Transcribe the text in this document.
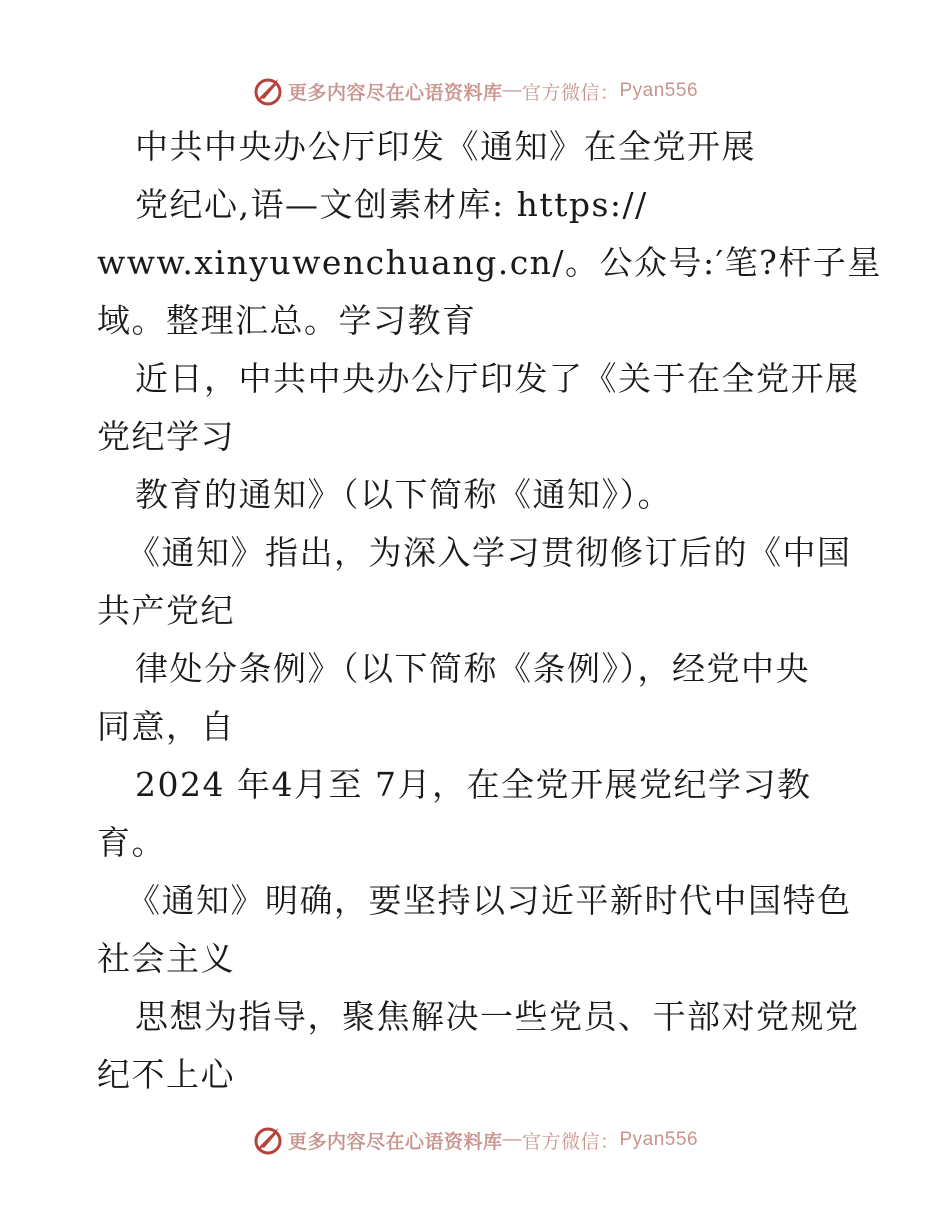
更多内容尽在心语资料库 — 官方微信： Pyan556
中共中央办公厅印发《通知》在全党开展
党纪心,语—文创素材库: https://
www.xinyuwenchuang.cn/。公众号:′笔?杆子星
域。整理汇总。学习教育
近日，中共中央办公厅印发了《关于在全党开展
党纪学习
教育的通知》（以下简称《通知》）。
《通知》指出，为深入学习贯彻修订后的《中国
共产党纪
律处分条例》（以下简称《条例》），经党中央
同意，自
2024 年4月至 7月，在全党开展党纪学习教
育。
《通知》明确，要坚持以习近平新时代中国特色
社会主义
思想为指导，聚焦解决一些党员、干部对党规党
纪不上心
更多内容尽在心语资料库 — 官方微信： Pyan556
